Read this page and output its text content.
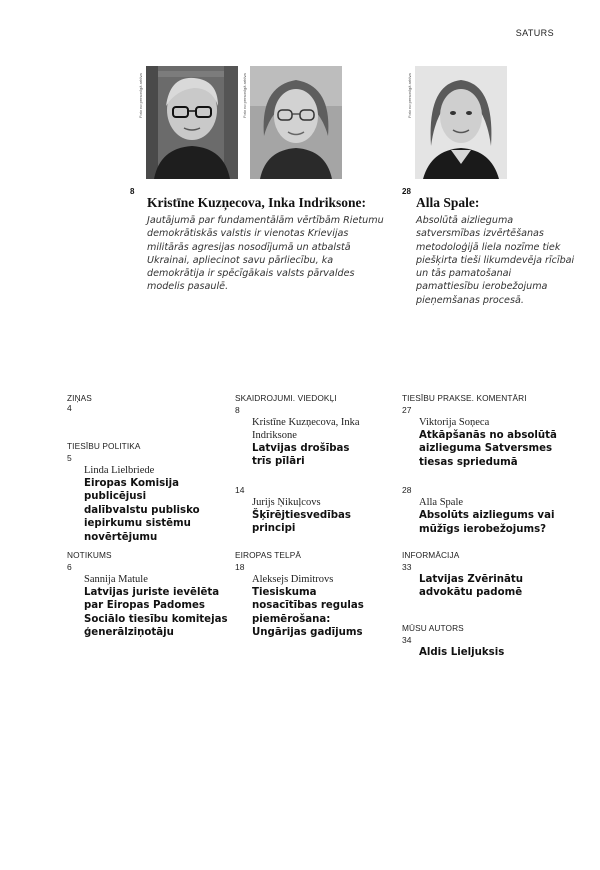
SATURS
Foto no personīgā arhīva	Foto no personīgā arhīva	Foto no personīgā arhīva
8
Kristīne Kuzņecova, Inka Indriksone:
Jautājumā par fundamentālām vērtībām Rietumu demokrātiskās valstis ir vienotas Krievijas militārās agresijas nosodījumā un atbalstā Ukrainai, apliecinot savu pārliecību, ka demokrātija ir spēcīgākais valsts pārvaldes modelis pasaulē.
28
Alla Spale:
Absolūtā aizlieguma satversmības izvērtēšanas metodoloģijā liela nozīme tiek piešķirta tieši likumdevēja rīcībai un tās pamatošanai pamattiesību ierobežojuma pieņemšanas procesā.
ZIŅAS
4
TIESĪBU POLITIKA
5
Linda Lielbriede
Eiropas Komisija publicējusi dalībvalstu publisko iepirkumu sistēmu novērtējumu
NOTIKUMS
6
Sannija Matule
Latvijas juriste ievēlēta par Eiropas Padomes Sociālo tiesību komitejas ģenerālziņotāju
SKAIDROJUMI. VIEDOKĻI
8
Kristīne Kuzņecova, Inka Indriksone
Latvijas drošības trīs pīlāri
14
Jurijs Ņikuļcovs
Šķīrējtiesvedības principi
EIROPAS TELPĀ
18
Aleksejs Dimitrovs
Tiesiskuma nosacītības regulas piemērošana: Ungārijas gadījums
TIESĪBU PRAKSE. KOMENTĀRI
27
Viktorija Soņeca
Atkāpšanās no absolūtā aizlieguma Satversmes tiesas spriedumā
28
Alla Spale
Absolūts aizliegums vai mūžīgs ierobežojums?
INFORMĀCIJA
33
Latvijas Zvērinātu advokātu padomē
MŪSU AUTORS
34
Aldis Lieljuksis
